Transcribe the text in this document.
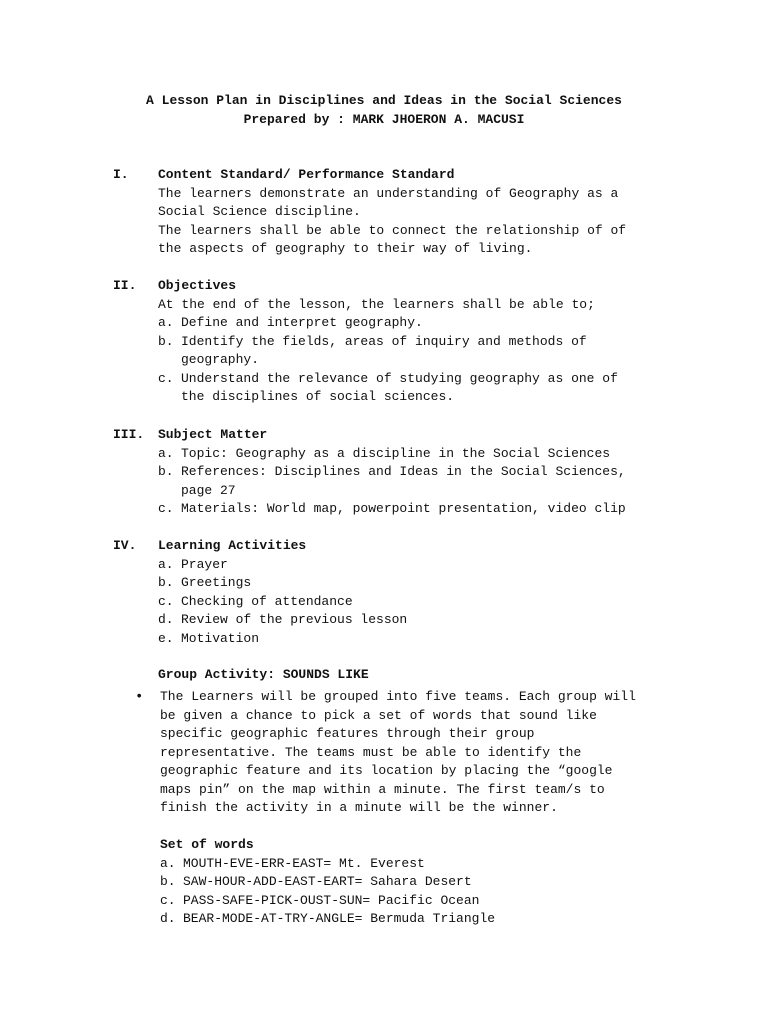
A Lesson Plan in Disciplines and Ideas in the Social Sciences
Prepared by : MARK JHOERON A. MACUSI
I. Content Standard/ Performance Standard
The learners demonstrate an understanding of Geography as a
Social Science discipline.
The learners shall be able to connect the relationship of of
the aspects of geography to their way of living.
II. Objectives
At the end of the lesson, the learners shall be able to;
a. Define and interpret geography.
b. Identify the fields, areas of inquiry and methods of
geography.
c. Understand the relevance of studying geography as one of
the disciplines of social sciences.
III. Subject Matter
a. Topic: Geography as a discipline in the Social Sciences
b. References: Disciplines and Ideas in the Social Sciences,
page 27
c. Materials: World map, powerpoint presentation, video clip
IV. Learning Activities
a. Prayer
b. Greetings
c. Checking of attendance
d. Review of the previous lesson
e. Motivation
Group Activity: SOUNDS LIKE
• The Learners will be grouped into five teams. Each group will
be given a chance to pick a set of words that sound like
specific geographic features through their group
representative. The teams must be able to identify the
geographic feature and its location by placing the “google
maps pin” on the map within a minute. The first team/s to
finish the activity in a minute will be the winner.
Set of words
a. MOUTH-EVE-ERR-EAST= Mt. Everest
b. SAW-HOUR-ADD-EAST-EART= Sahara Desert
c. PASS-SAFE-PICK-OUST-SUN= Pacific Ocean
d. BEAR-MODE-AT-TRY-ANGLE= Bermuda Triangle
